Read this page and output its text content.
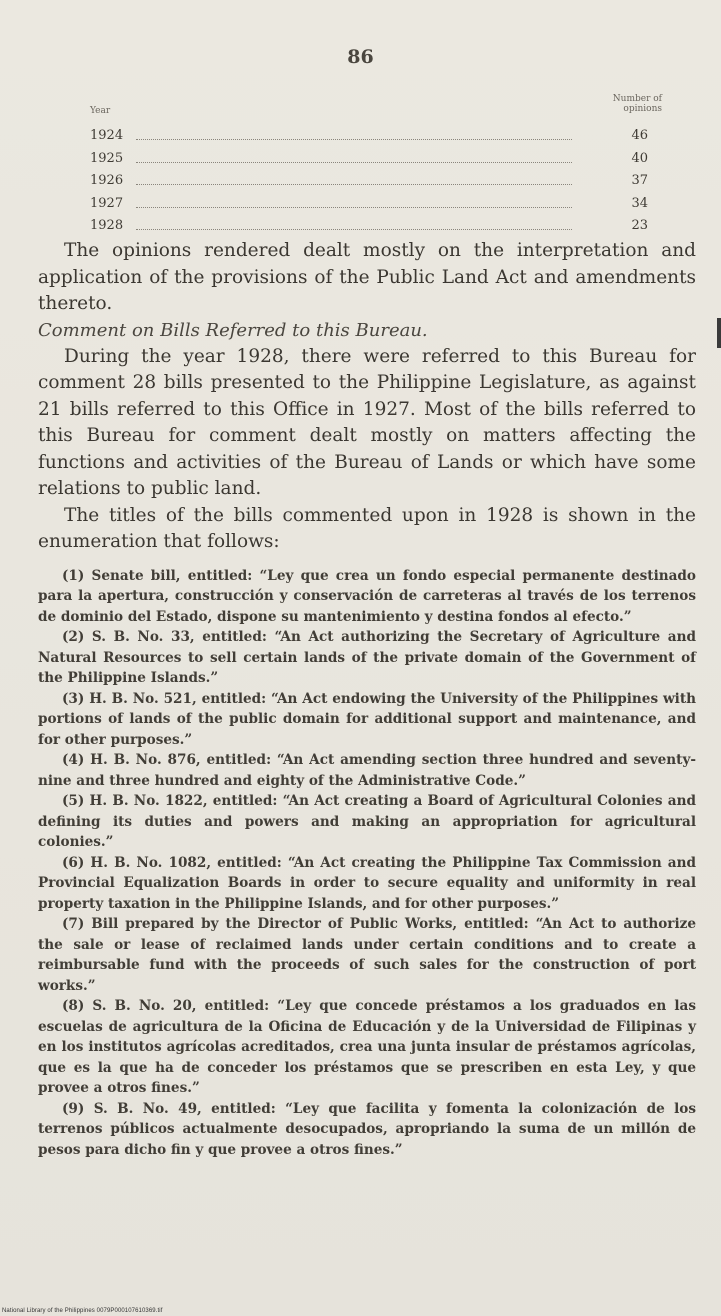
86
Year
Number of
opinions
1924	46
1925	40
1926	37
1927	34
1928	23

The opinions rendered dealt mostly on the interpretation and application of the provisions of the Public Land Act and amendments thereto.

Comment on Bills Referred to this Bureau.

During the year 1928, there were referred to this Bureau for comment 28 bills presented to the Philippine Legislature, as against 21 bills referred to this Office in 1927. Most of the bills referred to this Bureau for comment dealt mostly on matters affecting the functions and activities of the Bureau of Lands or which have some relations to public land.

The titles of the bills commented upon in 1928 is shown in the enumeration that follows:

(1) Senate bill, entitled: “Ley que crea un fondo especial permanente destinado para la apertura, construcción y conservación de carreteras al través de los terrenos de dominio del Estado, dispone su mantenimiento y destina fondos al efecto.”

(2) S. B. No. 33, entitled: “An Act authorizing the Secretary of Agriculture and Natural Resources to sell certain lands of the private domain of the Government of the Philippine Islands.”

(3) H. B. No. 521, entitled: “An Act endowing the University of the Philippines with portions of lands of the public domain for additional support and maintenance, and for other purposes.”

(4) H. B. No. 876, entitled: “An Act amending section three hundred and seventy-nine and three hundred and eighty of the Administrative Code.”

(5) H. B. No. 1822, entitled: “An Act creating a Board of Agricultural Colonies and defining its duties and powers and making an appropriation for agricultural colonies.”

(6) H. B. No. 1082, entitled: “An Act creating the Philippine Tax Commission and Provincial Equalization Boards in order to secure equality and uniformity in real property taxation in the Philippine Islands, and for other purposes.”

(7) Bill prepared by the Director of Public Works, entitled: “An Act to authorize the sale or lease of reclaimed lands under certain conditions and to create a reimbursable fund with the proceeds of such sales for the construction of port works.”

(8) S. B. No. 20, entitled: “Ley que concede préstamos a los graduados en las escuelas de agricultura de la Oficina de Educación y de la Universidad de Filipinas y en los institutos agrícolas acreditados, crea una junta insular de préstamos agrícolas, que es la que ha de conceder los préstamos que se prescriben en esta Ley, y que provee a otros fines.”

(9) S. B. No. 49, entitled: “Ley que facilita y fomenta la colonización de los terrenos públicos actualmente desocupados, apropriando la suma de un millón de pesos para dicho fin y que provee a otros fines.”

National Library of the Philippines 0079P000107610369.tif
